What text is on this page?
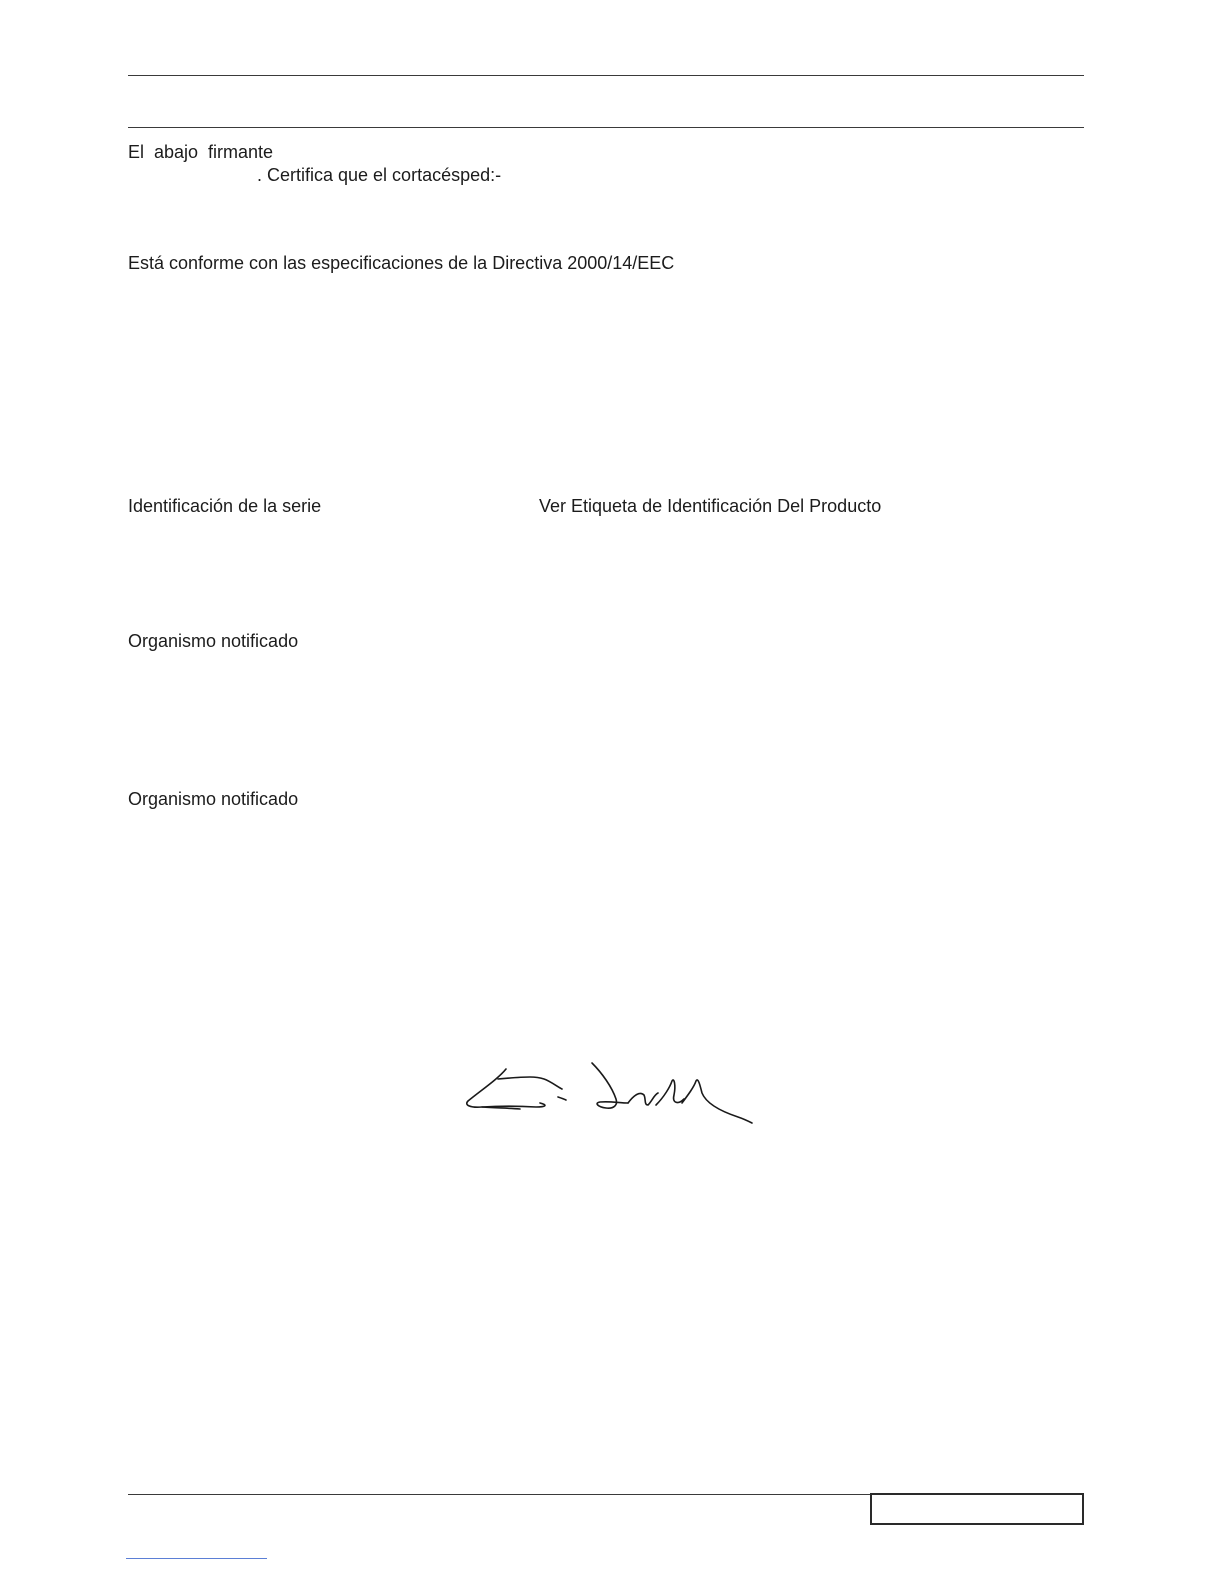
El  abajo  firmante
. Certifica que el cortacésped:-
Está conforme con las especificaciones de la Directiva 2000/14/EEC
Identificación de la serie	Ver Etiqueta de Identificación Del Producto
Organismo notificado
Organismo notificado
